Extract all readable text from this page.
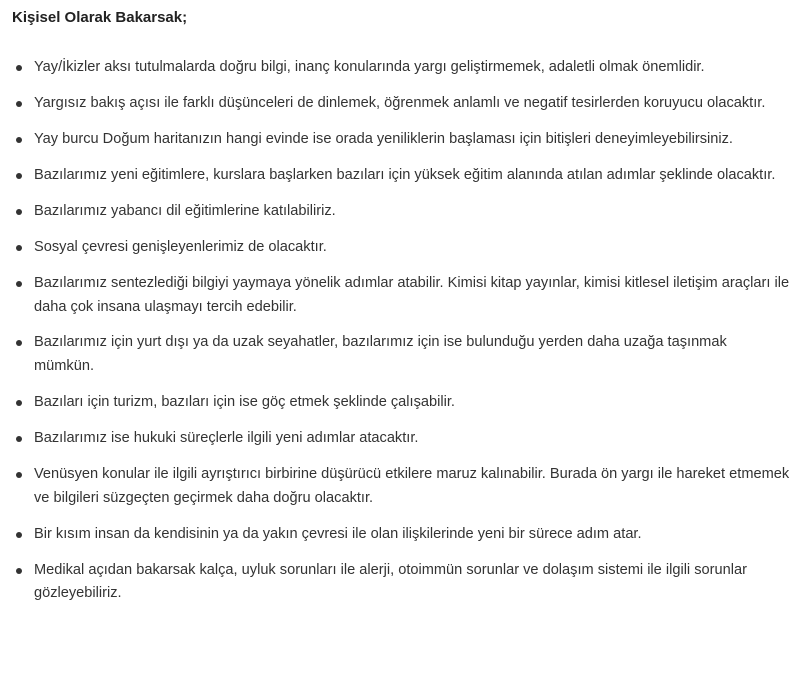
Kişisel Olarak Bakarsak;
Yay/İkizler aksı tutulmalarda doğru bilgi, inanç konularında yargı geliştirmemek, adaletli olmak önemlidir.
Yargısız bakış açısı ile farklı düşünceleri de dinlemek, öğrenmek anlamlı ve negatif tesirlerden koruyucu olacaktır.
Yay burcu Doğum haritanızın hangi evinde ise orada yeniliklerin başlaması için bitişleri deneyimleyebilirsiniz.
Bazılarımız yeni eğitimlere, kurslara başlarken bazıları için yüksek eğitim alanında atılan adımlar şeklinde olacaktır.
Bazılarımız yabancı dil eğitimlerine katılabiliriz.
Sosyal çevresi genişleyenlerimiz de olacaktır.
Bazılarımız sentezlediği bilgiyi yaymaya yönelik adımlar atabilir. Kimisi kitap yayınlar, kimisi kitlesel iletişim araçları ile daha çok insana ulaşmayı tercih edebilir.
Bazılarımız için yurt dışı ya da uzak seyahatler, bazılarımız için ise bulunduğu yerden daha uzağa taşınmak mümkün.
Bazıları için turizm, bazıları için ise göç etmek şeklinde çalışabilir.
Bazılarımız ise hukuki süreçlerle ilgili yeni adımlar atacaktır.
Venüsyen konular ile ilgili ayrıştırıcı birbirine düşürücü etkilere maruz kalınabilir. Burada ön yargı ile hareket etmemek ve bilgileri süzgeçten geçirmek daha doğru olacaktır.
Bir kısım insan da kendisinin ya da yakın çevresi ile olan ilişkilerinde yeni bir sürece adım atar.
Medikal açıdan bakarsak kalça, uyluk sorunları ile alerji, otoimmün sorunlar ve dolaşım sistemi ile ilgili sorunlar gözleyebiliriz.
